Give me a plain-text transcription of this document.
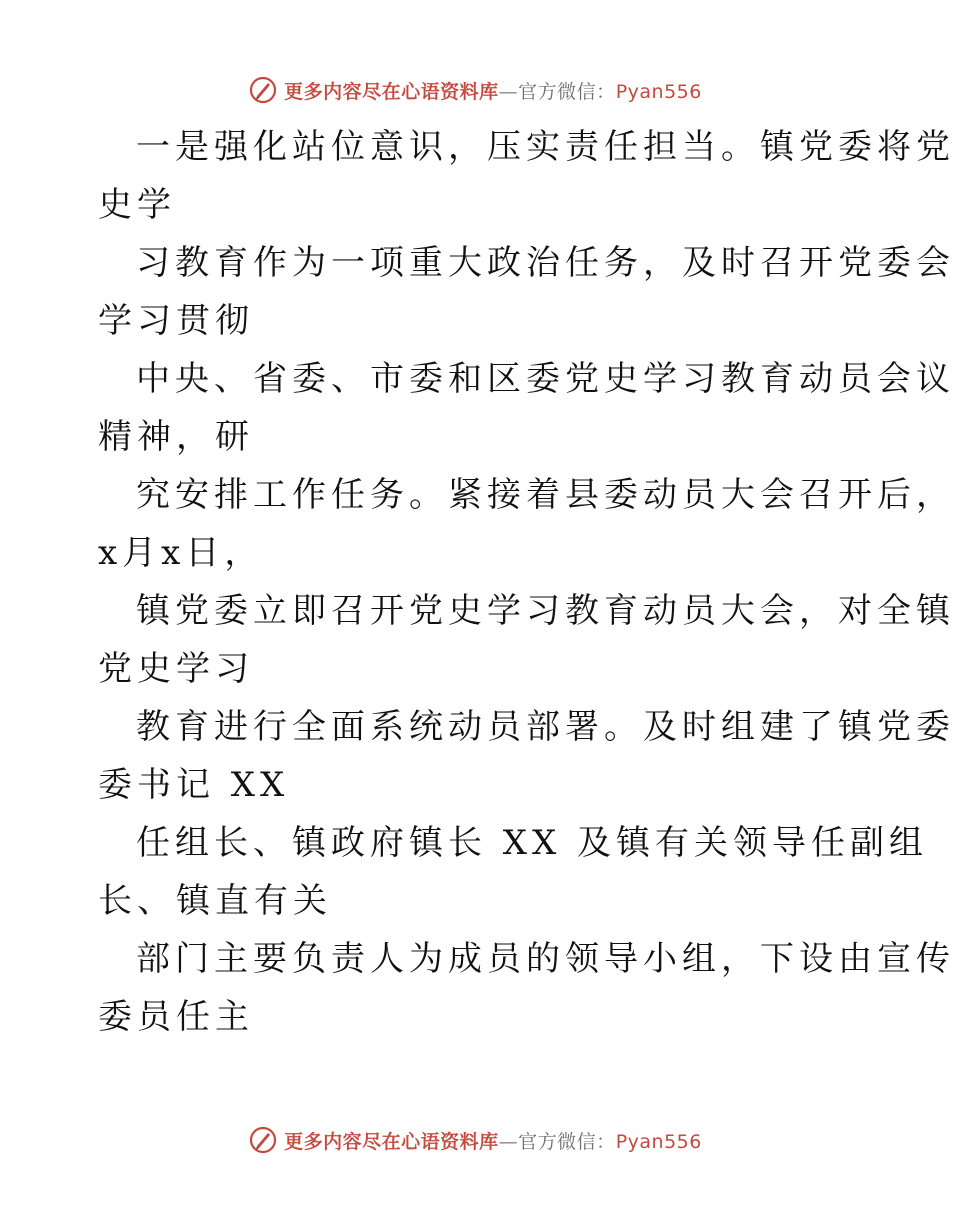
更多内容尽在心语资料库—官方微信：Pyan556
一是强化站位意识，压实责任担当。镇党委将党
史学
习教育作为一项重大政治任务，及时召开党委会
学习贯彻
中央、省委、市委和区委党史学习教育动员会议
精神，研
究安排工作任务。紧接着县委动员大会召开后，
x月x日，
镇党委立即召开党史学习教育动员大会，对全镇
党史学习
教育进行全面系统动员部署。及时组建了镇党委
委书记 XX
任组长、镇政府镇长 XX 及镇有关领导任副组
长、镇直有关
部门主要负责人为成员的领导小组，下设由宣传
委员任主
更多内容尽在心语资料库—官方微信：Pyan556
